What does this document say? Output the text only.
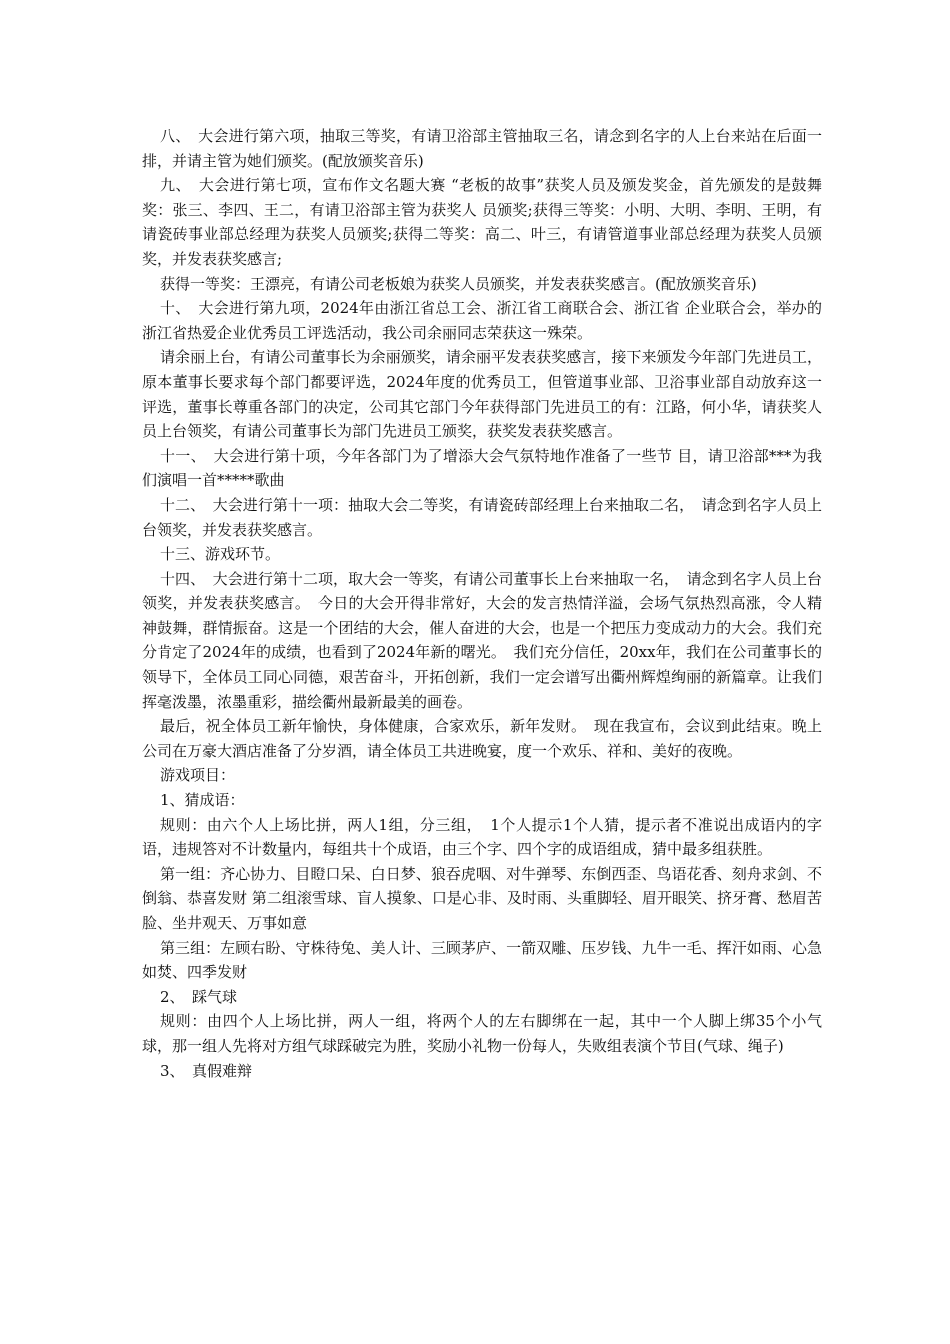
八、　大会进行第六项，抽取三等奖，有请卫浴部主管抽取三名，请念到名字的人上台来站在后面一排，并请主管为她们颁奖。(配放颁奖音乐)

九、　大会进行第七项，宣布作文名题大赛 “老板的故事”获奖人员及颁发奖金，首先颁发的是鼓舞奖：张三、李四、王二，有请卫浴部主管为获奖人 员颁奖;获得三等奖：小明、大明、李明、王明，有请瓷砖事业部总经理为获奖人员颁奖;获得二等奖：高二、叶三，有请管道事业部总经理为获奖人员颁奖，并发表获奖感言;

获得一等奖：王漂亮，有请公司老板娘为获奖人员颁奖，并发表获奖感言。(配放颁奖音乐)

十、　大会进行第九项，2024年由浙江省总工会、浙江省工商联合会、浙江省 企业联合会，举办的浙江省热爱企业优秀员工评选活动，我公司余丽同志荣获这一殊荣。

请余丽上台，有请公司董事长为余丽颁奖，请余丽平发表获奖感言，接下来颁发今年部门先进员工，原本董事长要求每个部门都要评选，2024年度的优秀员工，但管道事业部、卫浴事业部自动放弃这一评选，董事长尊重各部门的决定，公司其它部门今年获得部门先进员工的有：江路，何小华，请获奖人员上台领奖，有请公司董事长为部门先进员工颁奖，获奖发表获奖感言。

十一、　大会进行第十项，今年各部门为了增添大会气氛特地作准备了一些节 目，请卫浴部***为我们演唱一首*****歌曲

十二、　大会进行第十一项：抽取大会二等奖，有请瓷砖部经理上台来抽取二名，　请念到名字人员上台领奖，并发表获奖感言。

十三、游戏环节。

十四、　大会进行第十二项，取大会一等奖，有请公司董事长上台来抽取一名，　请念到名字人员上台领奖，并发表获奖感言。　今日的大会开得非常好，大会的发言热情洋溢，会场气氛热烈高涨，令人精神鼓舞，群情振奋。这是一个团结的大会，催人奋进的大会，也是一个把压力变成动力的大会。我们充分肯定了2024年的成绩，也看到了2024年新的曙光。　我们充分信任，20xx年，我们在公司董事长的领导下，全体员工同心同德，艰苦奋斗，开拓创新，我们一定会谱写出衢州辉煌绚丽的新篇章。让我们挥毫泼墨，浓墨重彩，描绘衢州最新最美的画卷。

最后，祝全体员工新年愉快，身体健康，合家欢乐，新年发财。　现在我宣布，会议到此结束。晚上公司在万豪大酒店准备了分岁酒，请全体员工共进晚宴，度一个欢乐、祥和、美好的夜晚。

游戏项目：

1、猜成语：

规则：由六个人上场比拼，两人1组，分三组，　1个人提示1个人猜，提示者不准说出成语内的字语，违规答对不计数量内，每组共十个成语，由三个字、四个字的成语组成，猜中最多组获胜。

第一组：齐心协力、目瞪口呆、白日梦、狼吞虎咽、对牛弹琴、东倒西歪、鸟语花香、刻舟求剑、不倒翁、恭喜发财 第二组滚雪球、盲人摸象、口是心非、及时雨、头重脚轻、眉开眼笑、挤牙膏、愁眉苦脸、坐井观天、万事如意

第三组：左顾右盼、守株待兔、美人计、三顾茅庐、一箭双雕、压岁钱、九牛一毛、挥汗如雨、心急如焚、四季发财

2、　踩气球

规则：由四个人上场比拼，两人一组，将两个人的左右脚绑在一起，其中一个人脚上绑35个小气球，那一组人先将对方组气球踩破完为胜，奖励小礼物一份每人，失败组表演个节目(气球、绳子)

3、　真假难辩
